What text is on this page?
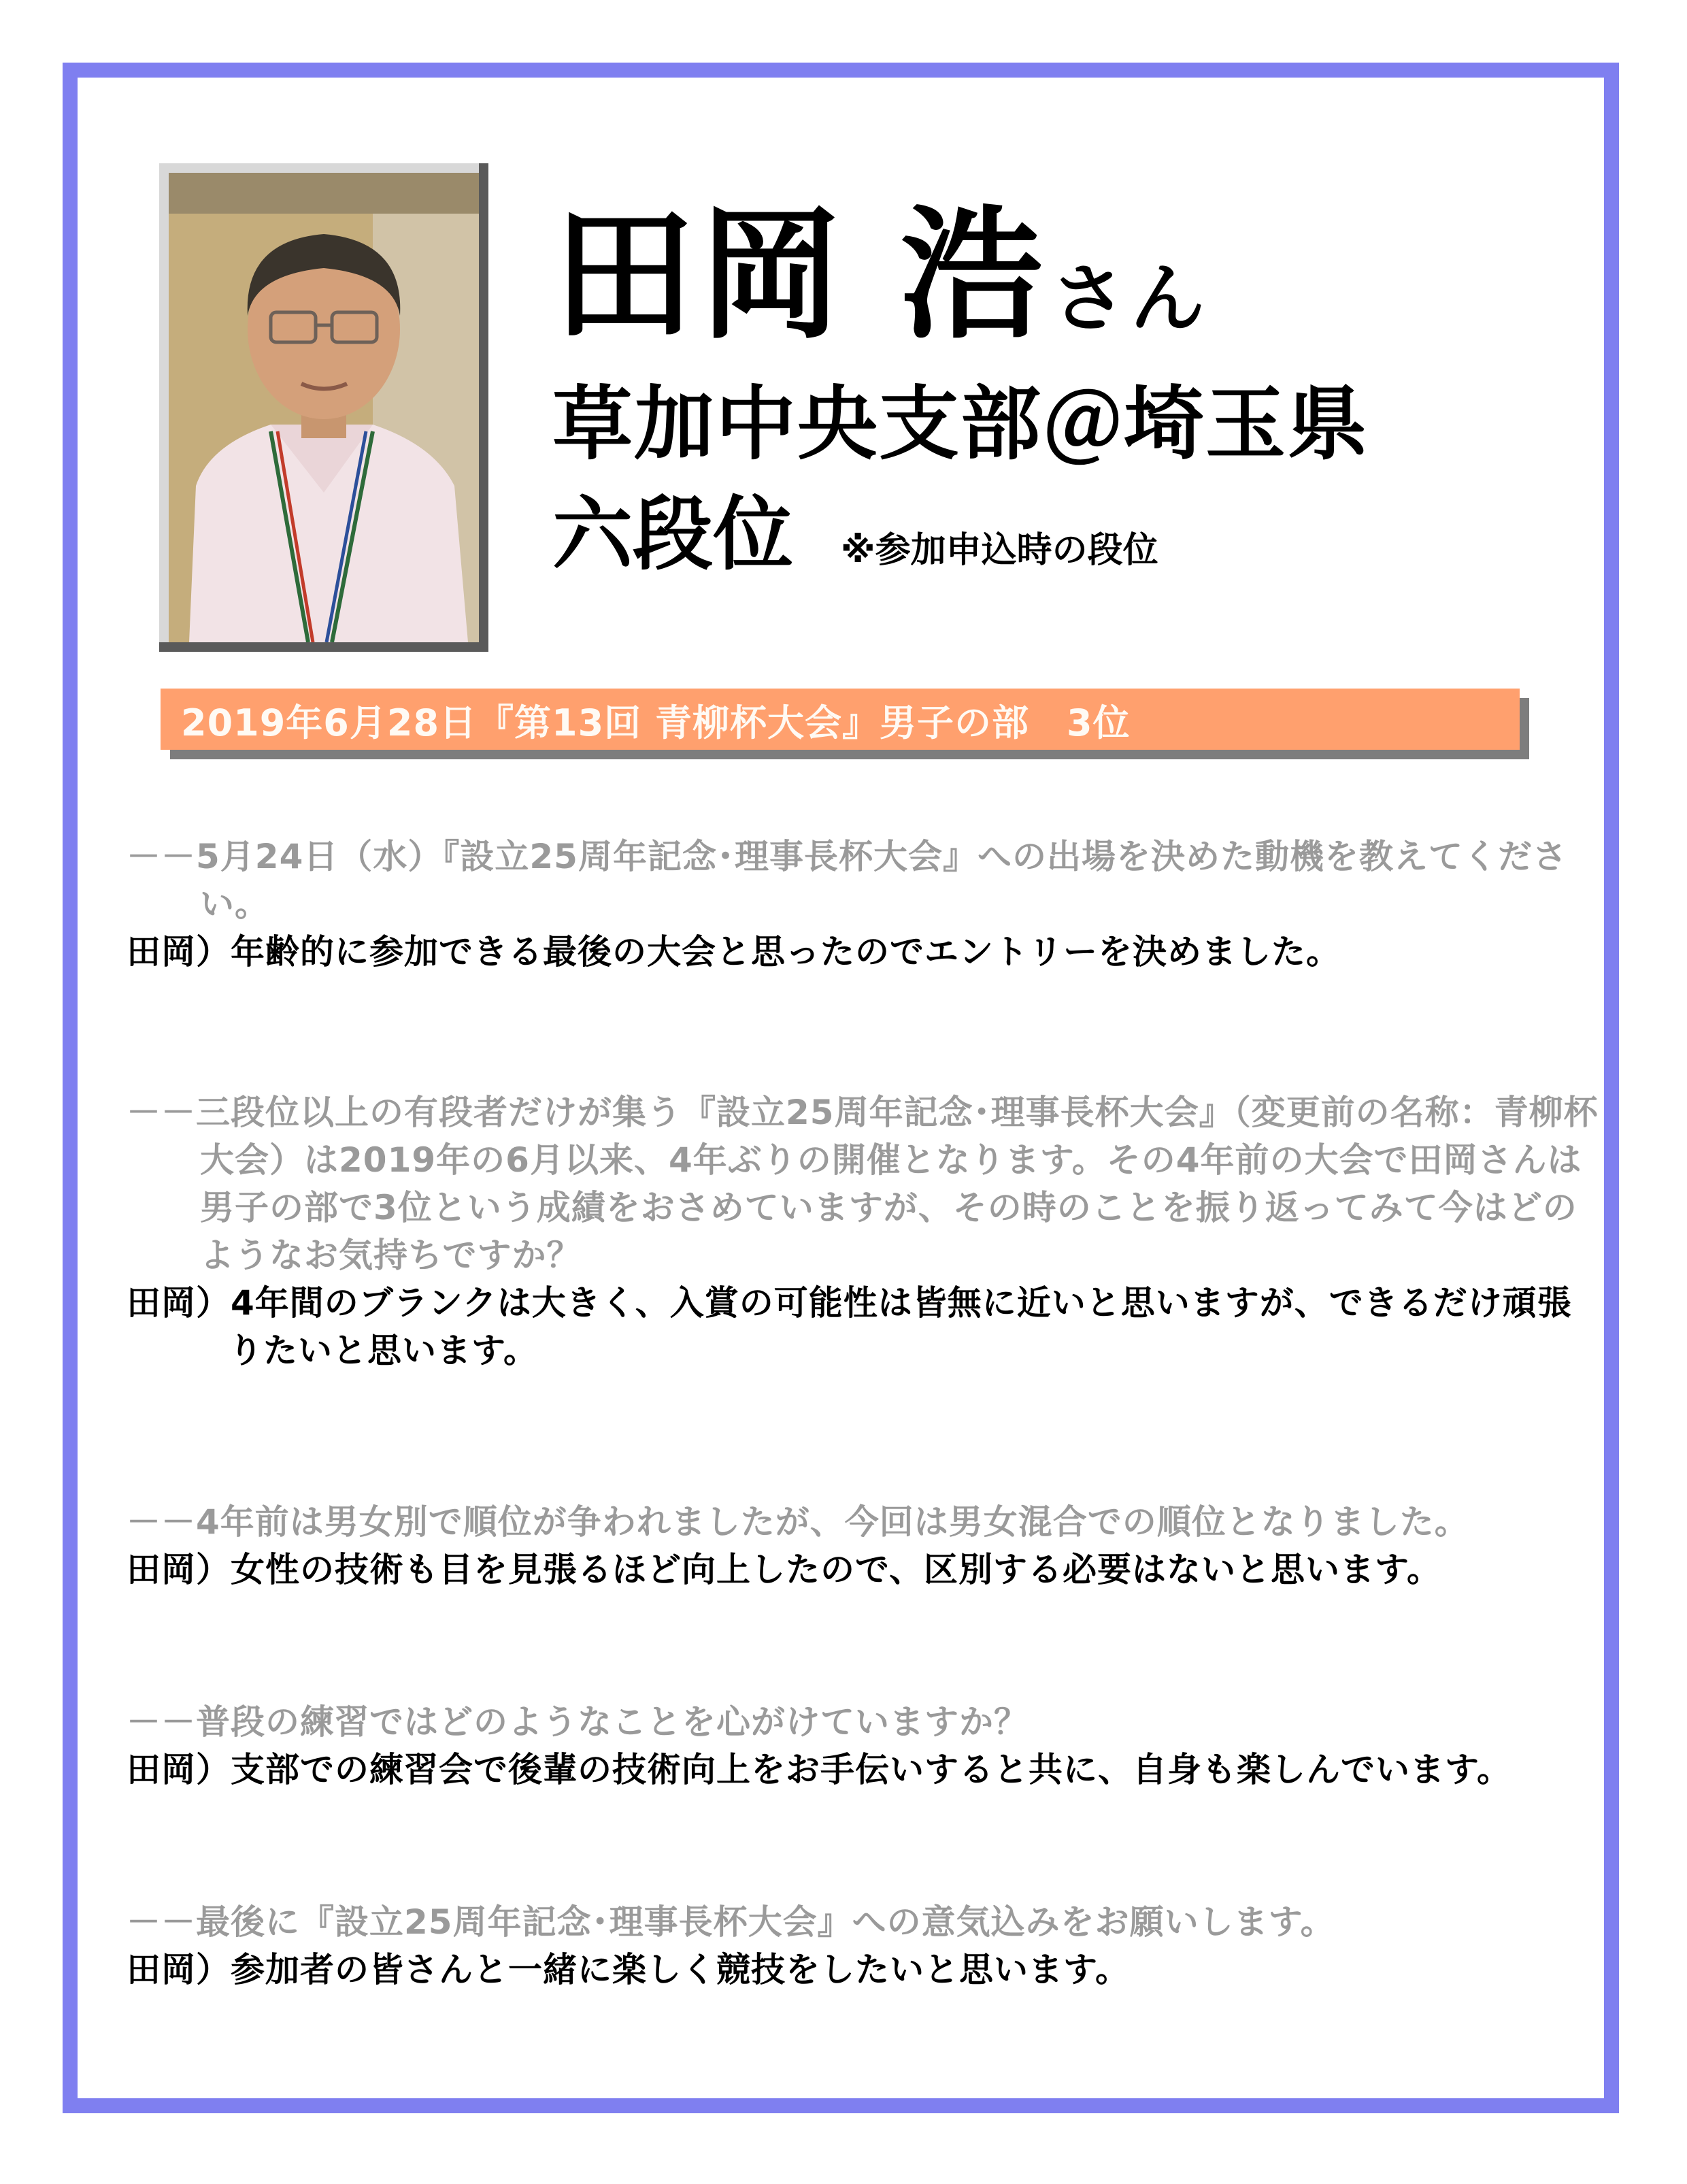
田岡 浩さん
草加中央支部＠埼玉県
六段位 ※参加申込時の段位
2019年6月28日『第13回 青柳杯大会』男子の部　3位
－－5月24日（水）『設立25周年記念･理事長杯大会』への出場を決めた動機を教えてください。
田岡）年齢的に参加できる最後の大会と思ったのでエントリーを決めました。
－－三段位以上の有段者だけが集う『設立25周年記念･理事長杯大会』（変更前の名称：青柳杯大会）は2019年の6月以来、4年ぶりの開催となります。その4年前の大会で田岡さんは男子の部で3位という成績をおさめていますが、その時のことを振り返ってみて今はどのようなお気持ちですか？
田岡）4年間のブランクは大きく、入賞の可能性は皆無に近いと思いますが、できるだけ頑張りたいと思います。
－－4年前は男女別で順位が争われましたが、今回は男女混合での順位となりました。
田岡）女性の技術も目を見張るほど向上したので、区別する必要はないと思います。
－－普段の練習ではどのようなことを心がけていますか？
田岡）支部での練習会で後輩の技術向上をお手伝いすると共に、自身も楽しんでいます。
－－最後に『設立25周年記念･理事長杯大会』への意気込みをお願いします。
田岡）参加者の皆さんと一緒に楽しく競技をしたいと思います。
